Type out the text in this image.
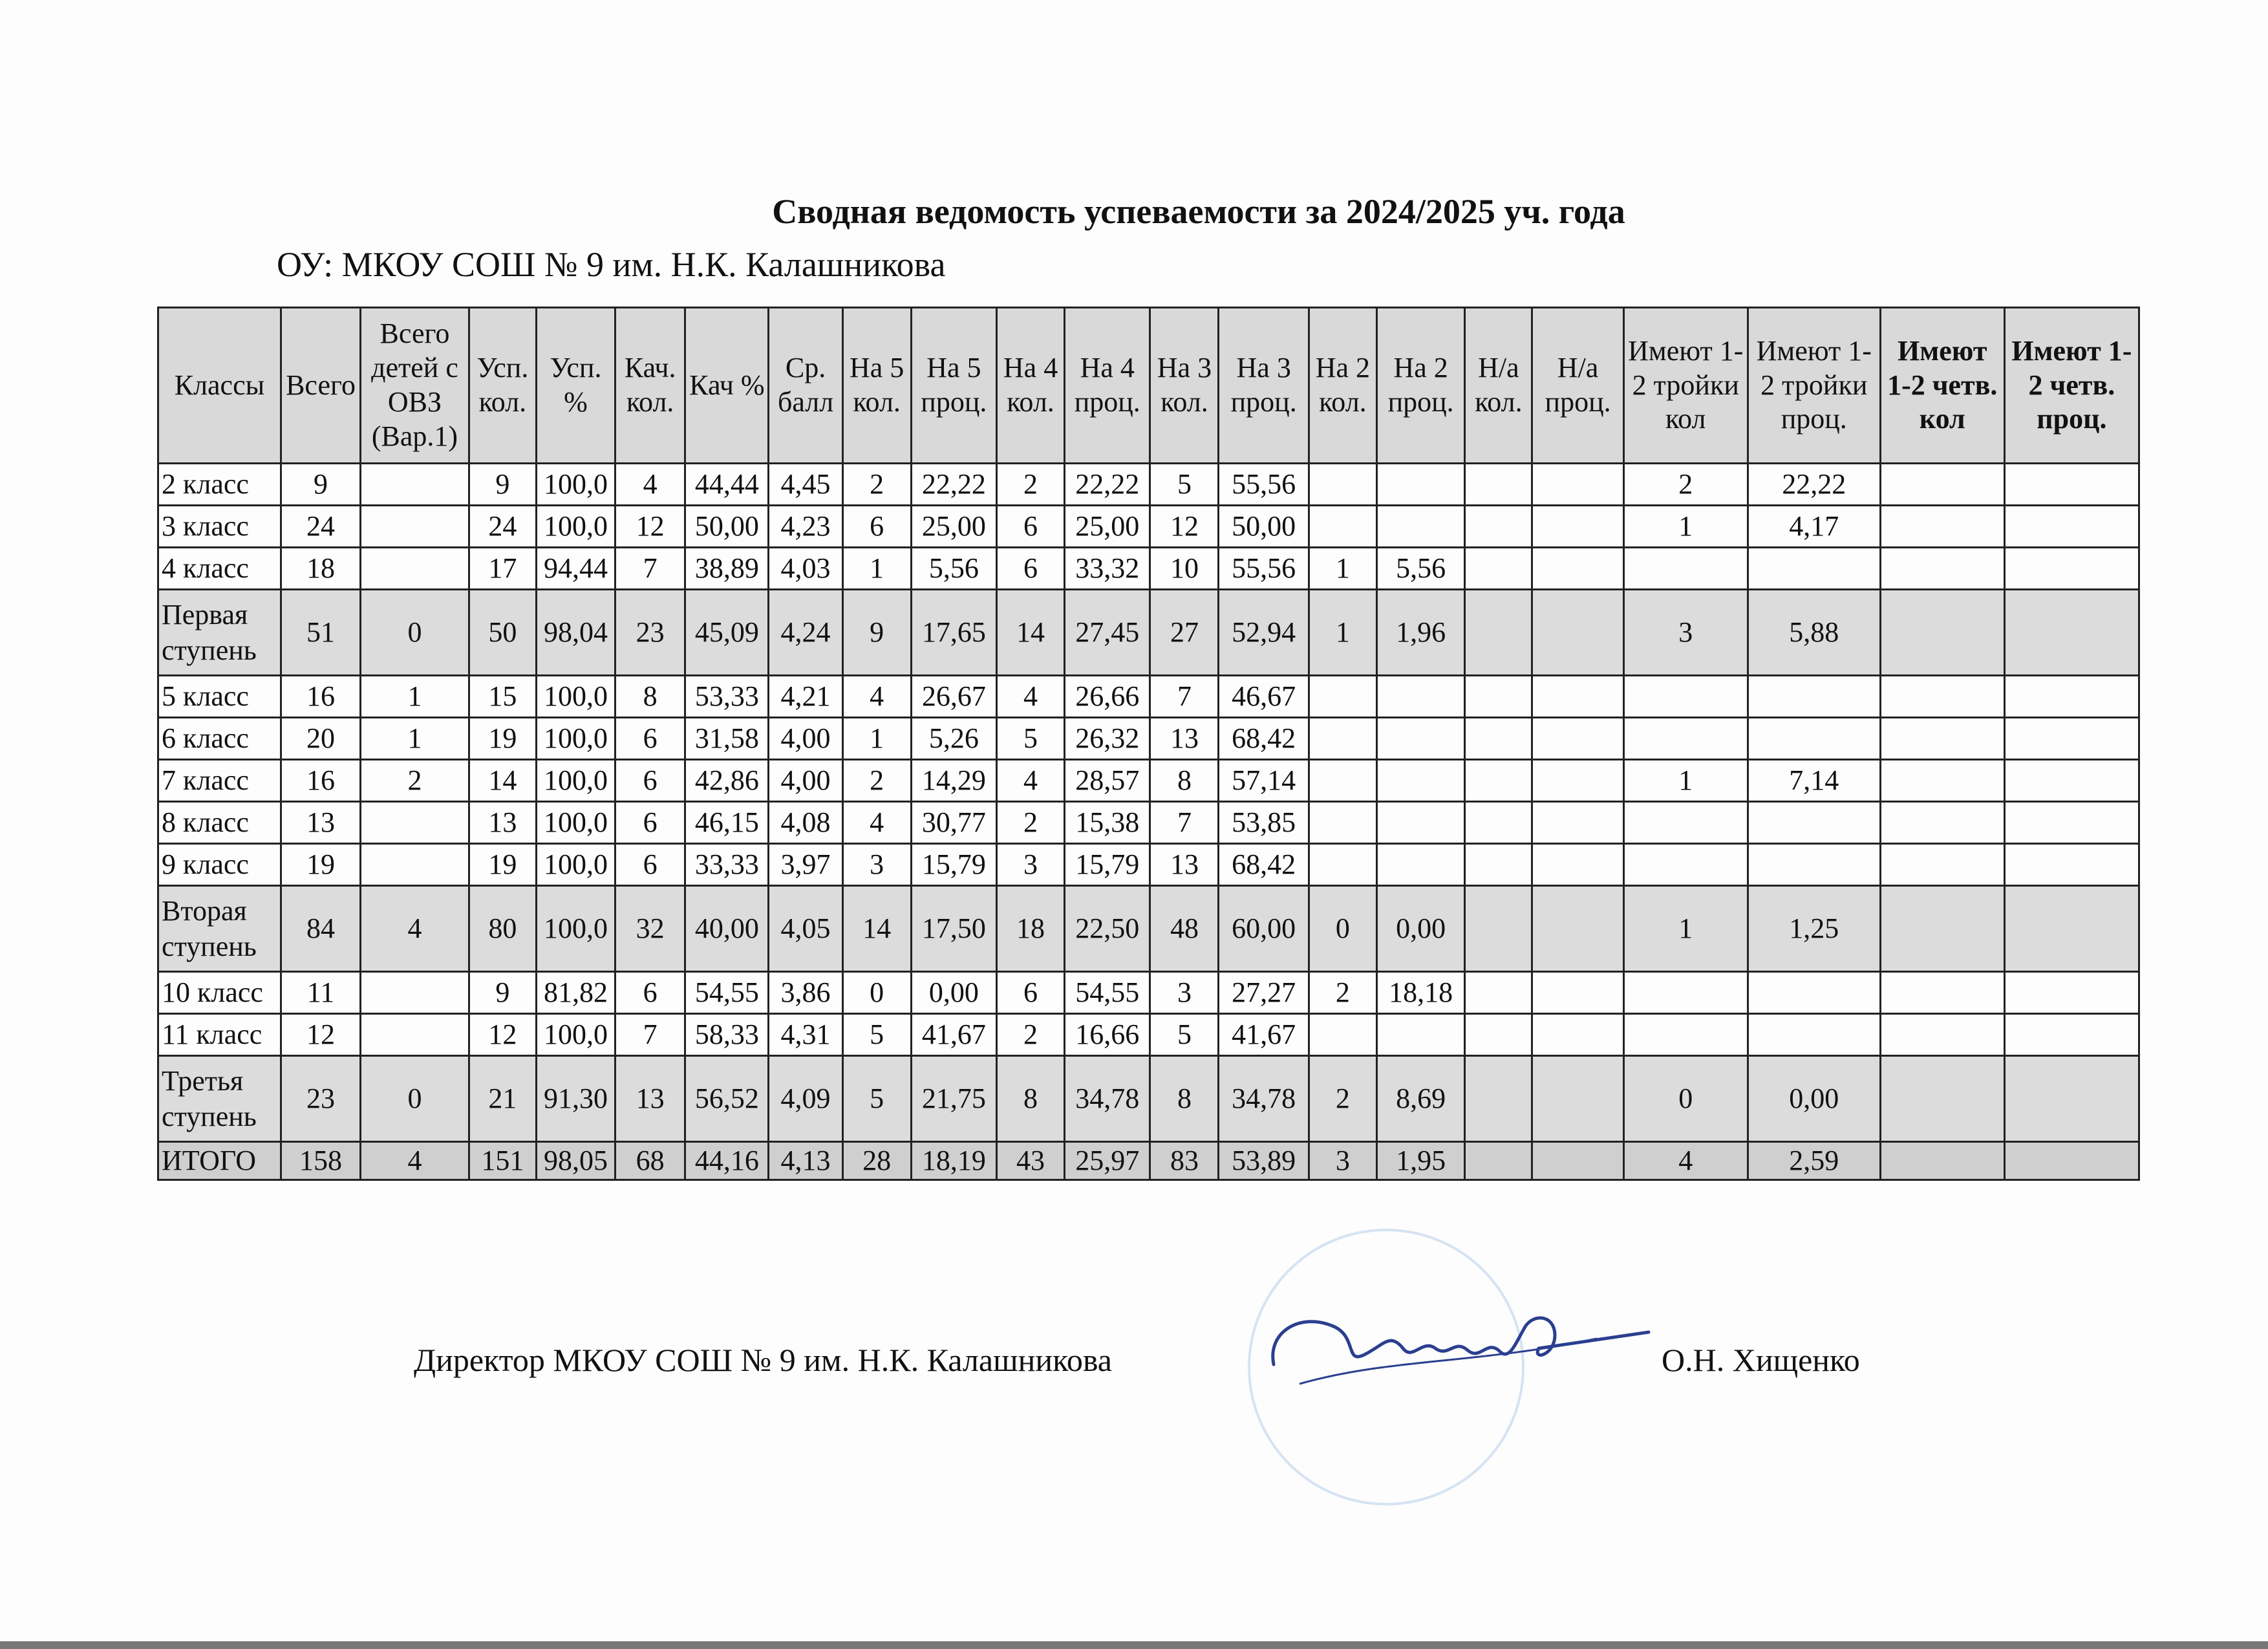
Сводная ведомость успеваемости за 2024/2025 уч. года
ОУ: МКОУ СОШ № 9 им. Н.К. Калашникова
Классы	Всего	Всего детей с ОВЗ (Вар.1)	Усп. кол.	Усп. %	Кач. кол.	Кач %	Ср. балл	На 5 кол.	На 5 проц.	На 4 кол.	На 4 проц.	На 3 кол.	На 3 проц.	На 2 кол.	На 2 проц.	Н/а кол.	Н/а проц.	Имеют 1-2 тройки кол	Имеют 1-2 тройки проц.	Имеют 1-2 четв. кол	Имеют 1-2 четв. проц.
2 класс	9		9	100,0	4	44,44	4,45	2	22,22	2	22,22	5	55,56					2	22,22		
3 класс	24		24	100,0	12	50,00	4,23	6	25,00	6	25,00	12	50,00					1	4,17		
4 класс	18		17	94,44	7	38,89	4,03	1	5,56	6	33,32	10	55,56	1	5,56						
Первая ступень	51	0	50	98,04	23	45,09	4,24	9	17,65	14	27,45	27	52,94	1	1,96			3	5,88		
5 класс	16	1	15	100,0	8	53,33	4,21	4	26,67	4	26,66	7	46,67								
6 класс	20	1	19	100,0	6	31,58	4,00	1	5,26	5	26,32	13	68,42								
7 класс	16	2	14	100,0	6	42,86	4,00	2	14,29	4	28,57	8	57,14					1	7,14		
8 класс	13		13	100,0	6	46,15	4,08	4	30,77	2	15,38	7	53,85								
9 класс	19		19	100,0	6	33,33	3,97	3	15,79	3	15,79	13	68,42								
Вторая ступень	84	4	80	100,0	32	40,00	4,05	14	17,50	18	22,50	48	60,00	0	0,00			1	1,25		
10 класс	11		9	81,82	6	54,55	3,86	0	0,00	6	54,55	3	27,27	2	18,18						
11 класс	12		12	100,0	7	58,33	4,31	5	41,67	2	16,66	5	41,67								
Третья ступень	23	0	21	91,30	13	56,52	4,09	5	21,75	8	34,78	8	34,78	2	8,69			0	0,00		
ИТОГО	158	4	151	98,05	68	44,16	4,13	28	18,19	43	25,97	83	53,89	3	1,95			4	2,59		
Директор МКОУ СОШ № 9 им. Н.К. Калашникова	О.Н. Хищенко
